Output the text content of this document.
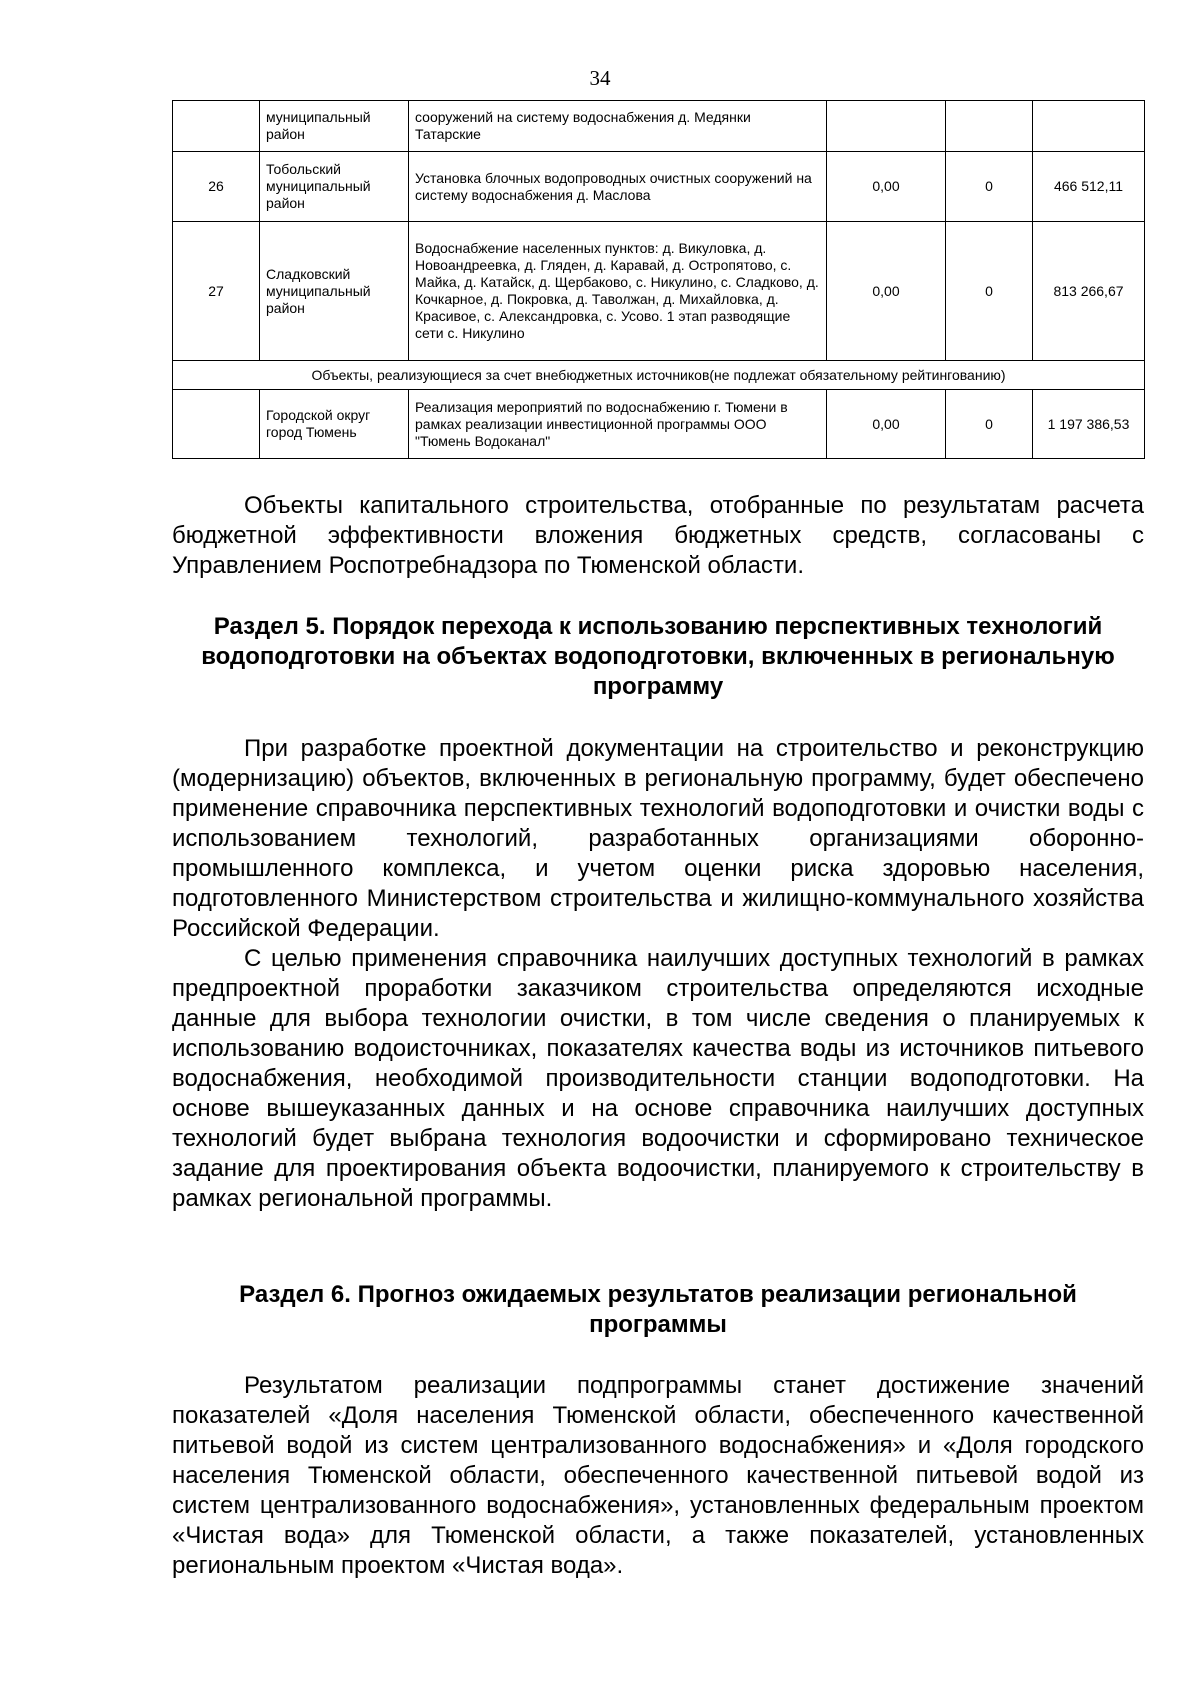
34
	муниципальный район	сооружений на систему водоснабжения д. Медянки Татарские			
26	Тобольский муниципальный район	Установка блочных водопроводных очистных сооружений на систему водоснабжения д. Маслова	0,00	0	466 512,11
27	Сладковский муниципальный район	Водоснабжение населенных пунктов: д. Викуловка, д. Новоандреевка, д. Гляден, д. Каравай, д. Остропятово, с. Майка, д. Катайск, д. Щербаково, с. Никулино, с. Сладково, д. Кочкарное, д. Покровка, д. Таволжан, д. Михайловка, д. Красивое, с. Александровка, с. Усово. 1 этап разводящие сети с. Никулино	0,00	0	813 266,67
Объекты, реализующиеся за счет внебюджетных источников(не подлежат обязательному рейтингованию)					
	Городской округ город Тюмень	Реализация мероприятий по водоснабжению г. Тюмени в рамках реализации инвестиционной программы ООО "Тюмень Водоканал"	0,00	0	1 197 386,53

Объекты капитального строительства, отобранные по результатам расчета бюджетной эффективности вложения бюджетных средств, согласованы с Управлением Роспотребнадзора по Тюменской области.

Раздел 5. Порядок перехода к использованию перспективных технологий водоподготовки на объектах водоподготовки, включенных в региональную программу

При разработке проектной документации на строительство и реконструкцию (модернизацию) объектов, включенных в региональную программу, будет обеспечено применение справочника перспективных технологий водоподготовки и очистки воды с использованием технологий, разработанных организациями оборонно-промышленного комплекса, и учетом оценки риска здоровью населения, подготовленного Министерством строительства и жилищно-коммунального хозяйства Российской Федерации.

С целью применения справочника наилучших доступных технологий в рамках предпроектной проработки заказчиком строительства определяются исходные данные для выбора технологии очистки, в том числе сведения о планируемых к использованию водоисточниках, показателях качества воды из источников питьевого водоснабжения, необходимой производительности станции водоподготовки. На основе вышеуказанных данных и на основе справочника наилучших доступных технологий будет выбрана технология водоочистки и сформировано техническое задание для проектирования объекта водоочистки, планируемого к строительству в рамках региональной программы.

Раздел 6. Прогноз ожидаемых результатов реализации региональной программы

Результатом реализации подпрограммы станет достижение значений показателей «Доля населения Тюменской области, обеспеченного качественной питьевой водой из систем централизованного водоснабжения» и «Доля городского населения Тюменской области, обеспеченного качественной питьевой водой из систем централизованного водоснабжения», установленных федеральным проектом «Чистая вода» для Тюменской области, а также показателей, установленных региональным проектом «Чистая вода».
